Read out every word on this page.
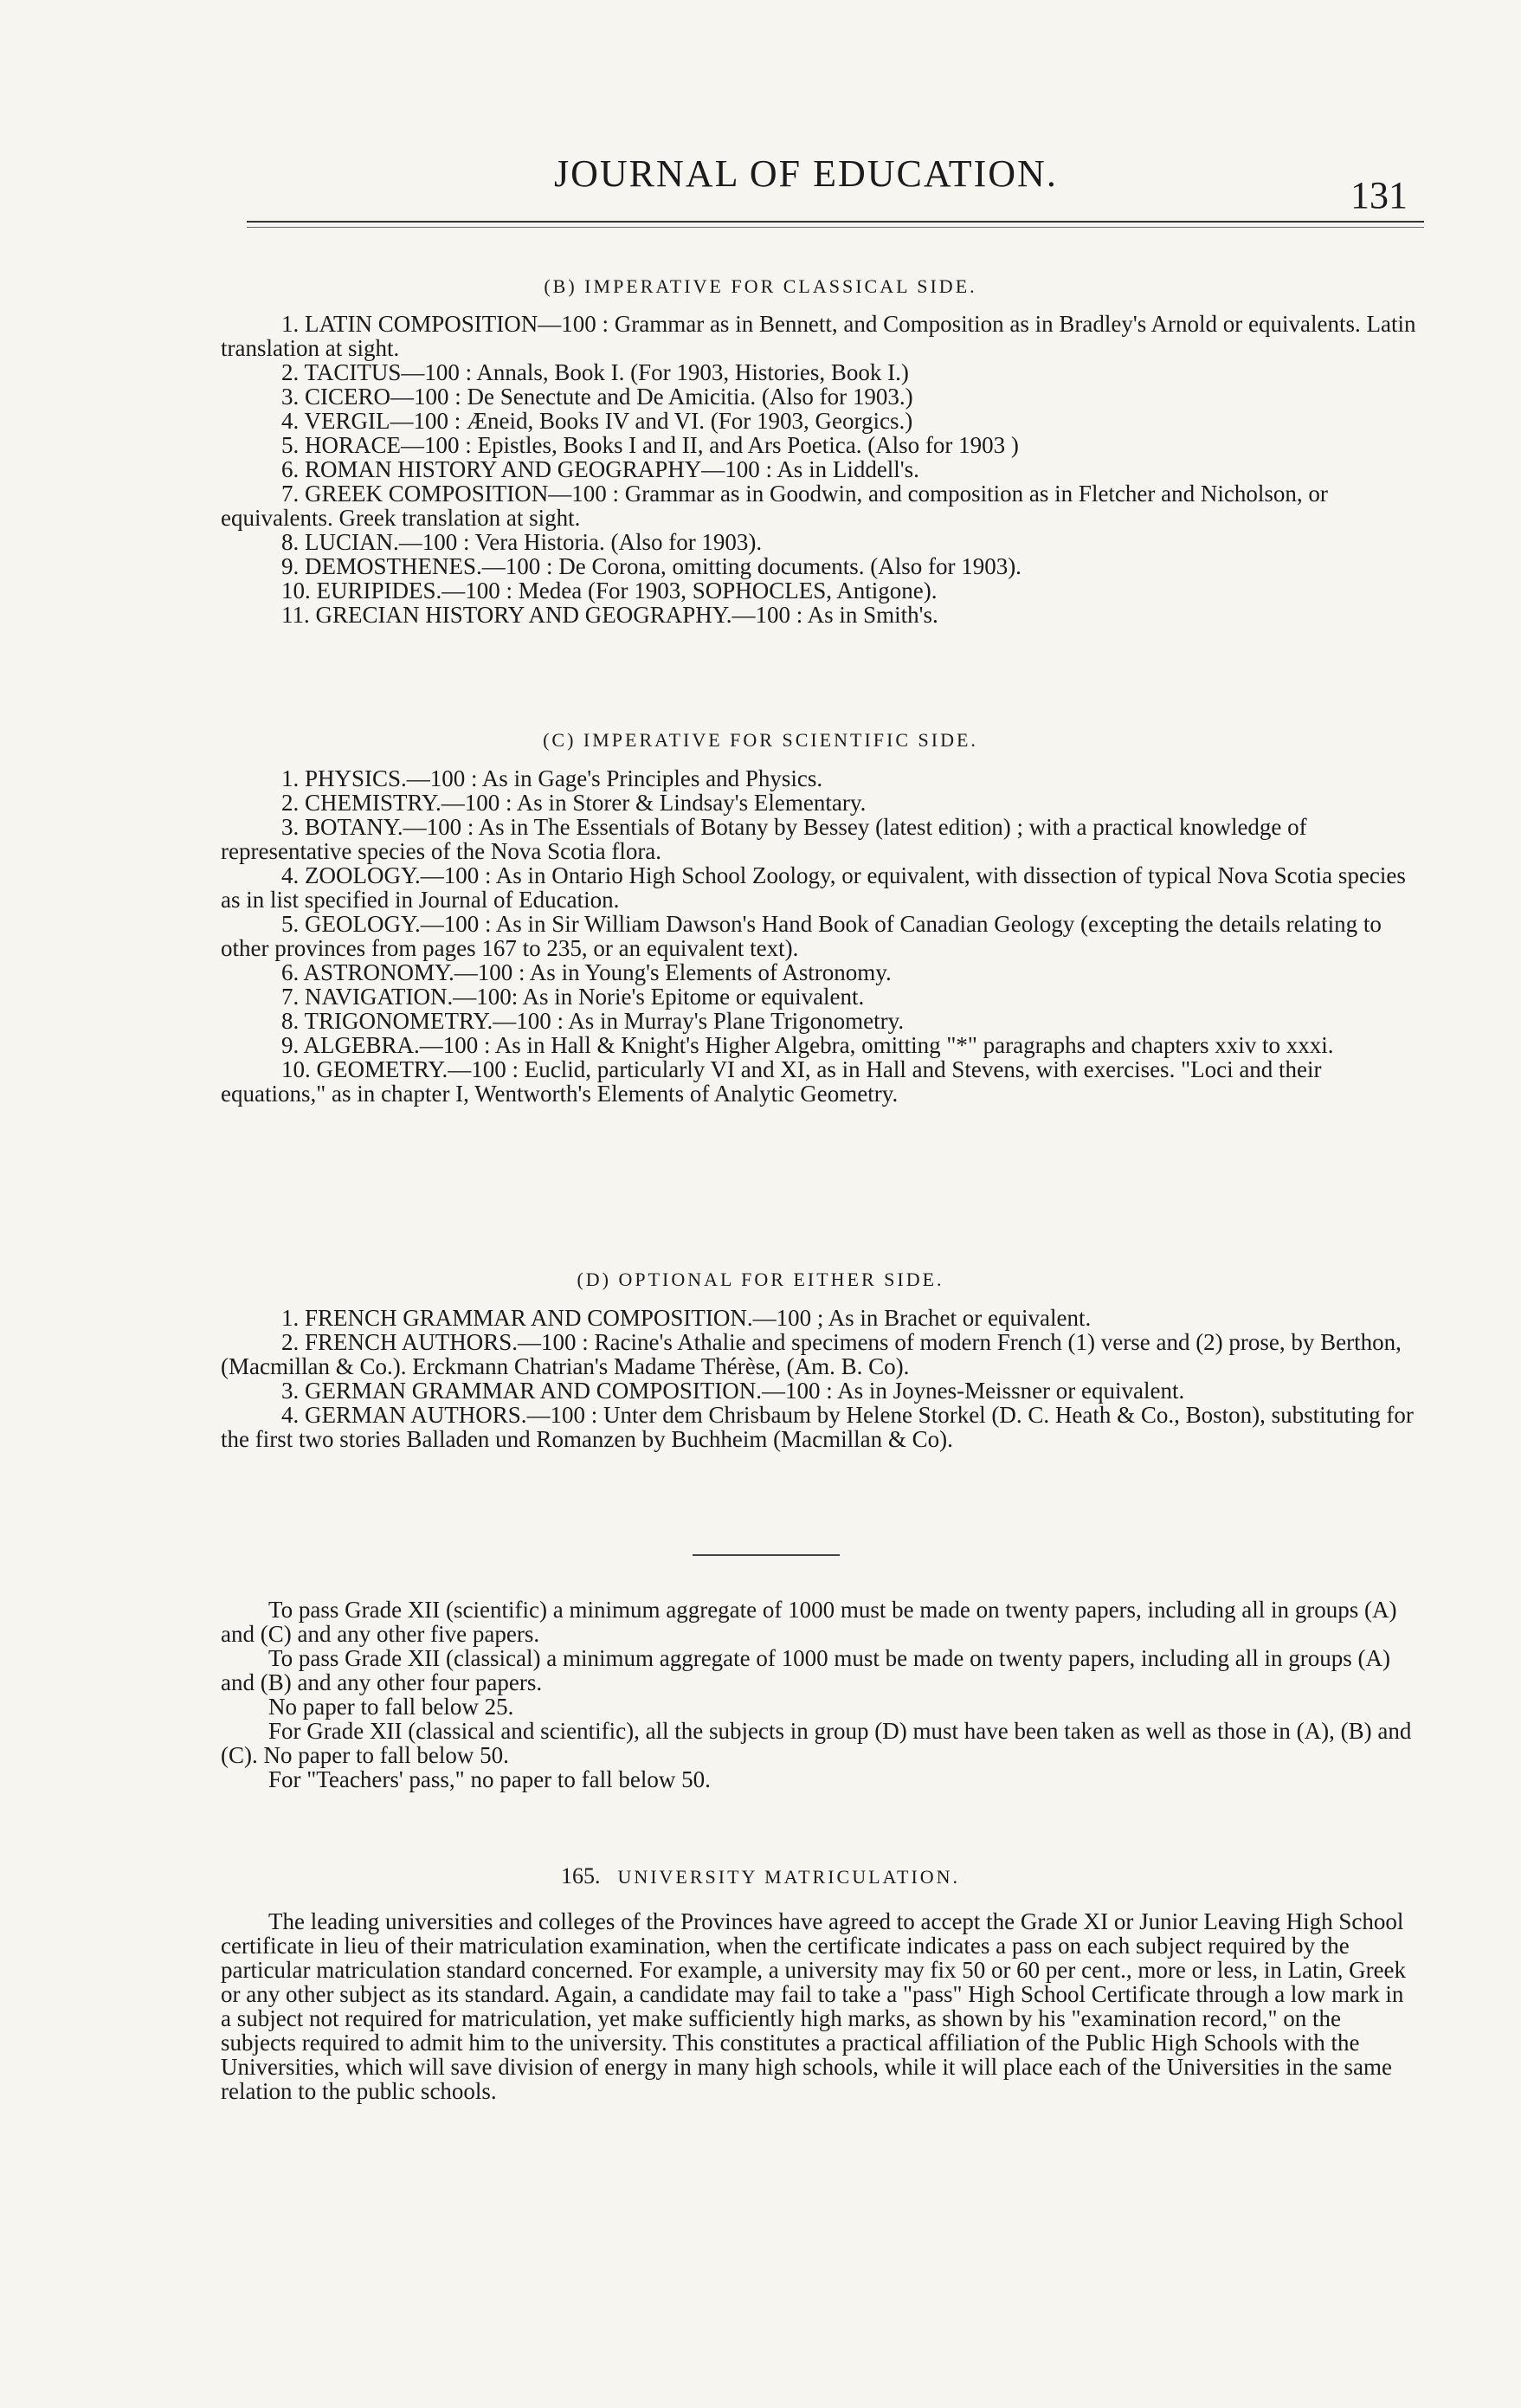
JOURNAL OF EDUCATION.
131
(B) IMPERATIVE FOR CLASSICAL SIDE.

1. LATIN COMPOSITION—100 : Grammar as in Bennett, and Composition as in Bradley's Arnold or equivalents. Latin translation at sight.

2. TACITUS—100 : Annals, Book I. (For 1903, Histories, Book I.)

3. CICERO—100 : De Senectute and De Amicitia. (Also for 1903.)

4. VERGIL—100 : Æneid, Books IV and VI. (For 1903, Georgics.)

5. HORACE—100 : Epistles, Books I and II, and Ars Poetica. (Also for 1903 )

6. ROMAN HISTORY AND GEOGRAPHY—100 : As in Liddell's.

7. GREEK COMPOSITION—100 : Grammar as in Goodwin, and composition as in Fletcher and Nicholson, or equivalents. Greek translation at sight.

8. LUCIAN.—100 : Vera Historia. (Also for 1903).

9. DEMOSTHENES.—100 : De Corona, omitting documents. (Also for 1903).

10. EURIPIDES.—100 : Medea (For 1903, SOPHOCLES, Antigone).

11. GRECIAN HISTORY AND GEOGRAPHY.—100 : As in Smith's.

(C) IMPERATIVE FOR SCIENTIFIC SIDE.

1. PHYSICS.—100 : As in Gage's Principles and Physics.

2. CHEMISTRY.—100 : As in Storer & Lindsay's Elementary.

3. BOTANY.—100 : As in The Essentials of Botany by Bessey (latest edition) ; with a practical knowledge of representative species of the Nova Scotia flora.

4. ZOOLOGY.—100 : As in Ontario High School Zoology, or equivalent, with dissection of typical Nova Scotia species as in list specified in Journal of Education.

5. GEOLOGY.—100 : As in Sir William Dawson's Hand Book of Canadian Geology (excepting the details relating to other provinces from pages 167 to 235, or an equivalent text).

6. ASTRONOMY.—100 : As in Young's Elements of Astronomy.

7. NAVIGATION.—100: As in Norie's Epitome or equivalent.

8. TRIGONOMETRY.—100 : As in Murray's Plane Trigonometry.

9. ALGEBRA.—100 : As in Hall & Knight's Higher Algebra, omitting "*" paragraphs and chapters xxiv to xxxi.

10. GEOMETRY.—100 : Euclid, particularly VI and XI, as in Hall and Stevens, with exercises. "Loci and their equations," as in chapter I, Wentworth's Elements of Analytic Geometry.

(D) OPTIONAL FOR EITHER SIDE.

1. FRENCH GRAMMAR AND COMPOSITION.—100 ; As in Brachet or equivalent.

2. FRENCH AUTHORS.—100 : Racine's Athalie and specimens of modern French (1) verse and (2) prose, by Berthon, (Macmillan & Co.). Erckmann Chatrian's Madame Thérèse, (Am. B. Co).

3. GERMAN GRAMMAR AND COMPOSITION.—100 : As in Joynes-Meissner or equivalent.

4. GERMAN AUTHORS.—100 : Unter dem Chrisbaum by Helene Storkel (D. C. Heath & Co., Boston), substituting for the first two stories Balladen und Romanzen by Buchheim (Macmillan & Co).

To pass Grade XII (scientific) a minimum aggregate of 1000 must be made on twenty papers, including all in groups (A) and (C) and any other five papers.

To pass Grade XII (classical) a minimum aggregate of 1000 must be made on twenty papers, including all in groups (A) and (B) and any other four papers.

No paper to fall below 25.

For Grade XII (classical and scientific), all the subjects in group (D) must have been taken as well as those in (A), (B) and (C). No paper to fall below 50.

For "Teachers' pass," no paper to fall below 50.

165. UNIVERSITY MATRICULATION.

The leading universities and colleges of the Provinces have agreed to accept the Grade XI or Junior Leaving High School certificate in lieu of their matriculation examination, when the certificate indicates a pass on each subject required by the particular matriculation standard concerned. For example, a university may fix 50 or 60 per cent., more or less, in Latin, Greek or any other subject as its standard. Again, a candidate may fail to take a "pass" High School Certificate through a low mark in a subject not required for matriculation, yet make sufficiently high marks, as shown by his "examination record," on the subjects required to admit him to the university. This constitutes a practical affiliation of the Public High Schools with the Universities, which will save division of energy in many high schools, while it will place each of the Universities in the same relation to the public schools.
